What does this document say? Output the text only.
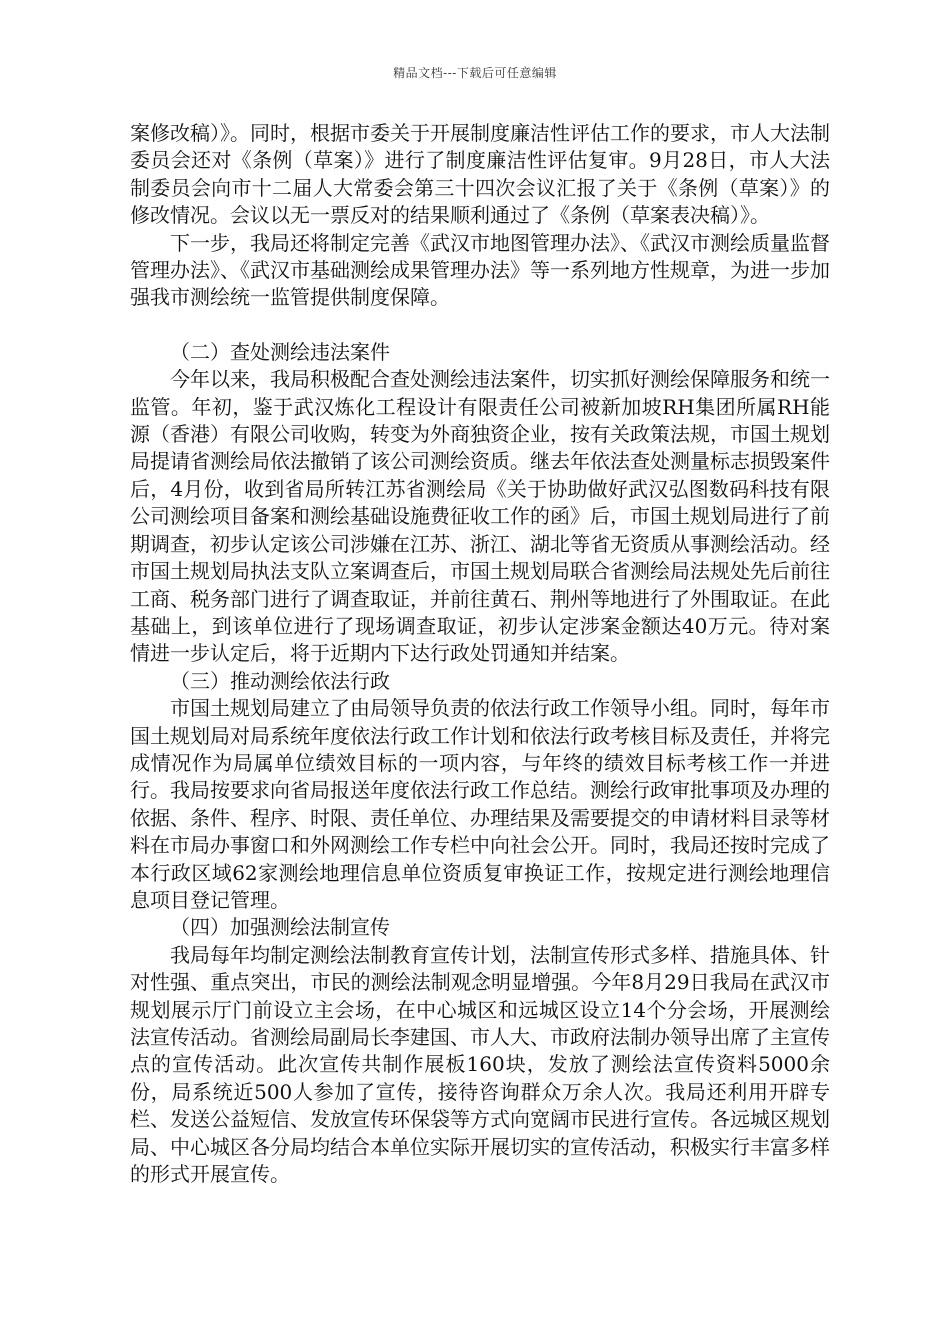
精品文档---下载后可任意编辑

案修改稿）》。同时，根据市委关于开展制度廉洁性评估工作的要求，市人大法制委员会还对《条例（草案）》进行了制度廉洁性评估复审。9月28日，市人大法制委员会向市十二届人大常委会第三十四次会议汇报了关于《条例（草案）》的修改情况。会议以无一票反对的结果顺利通过了《条例（草案表决稿）》。

下一步，我局还将制定完善《武汉市地图管理办法》、《武汉市测绘质量监督管理办法》、《武汉市基础测绘成果管理办法》等一系列地方性规章，为进一步加强我市测绘统一监管提供制度保障。

（二）查处测绘违法案件

今年以来，我局积极配合查处测绘违法案件，切实抓好测绘保障服务和统一监管。年初，鉴于武汉炼化工程设计有限责任公司被新加坡RH集团所属RH能源（香港）有限公司收购，转变为外商独资企业，按有关政策法规，市国土规划局提请省测绘局依法撤销了该公司测绘资质。继去年依法查处测量标志损毁案件后，4月份，收到省局所转江苏省测绘局《关于协助做好武汉弘图数码科技有限公司测绘项目备案和测绘基础设施费征收工作的函》后，市国土规划局进行了前期调查，初步认定该公司涉嫌在江苏、浙江、湖北等省无资质从事测绘活动。经市国土规划局执法支队立案调查后，市国土规划局联合省测绘局法规处先后前往工商、税务部门进行了调查取证，并前往黄石、荆州等地进行了外围取证。在此基础上，到该单位进行了现场调查取证，初步认定涉案金额达40万元。待对案情进一步认定后，将于近期内下达行政处罚通知并结案。

（三）推动测绘依法行政

市国土规划局建立了由局领导负责的依法行政工作领导小组。同时，每年市国土规划局对局系统年度依法行政工作计划和依法行政考核目标及责任，并将完成情况作为局属单位绩效目标的一项内容，与年终的绩效目标考核工作一并进行。我局按要求向省局报送年度依法行政工作总结。测绘行政审批事项及办理的依据、条件、程序、时限、责任单位、办理结果及需要提交的申请材料目录等材料在市局办事窗口和外网测绘工作专栏中向社会公开。同时，我局还按时完成了本行政区域62家测绘地理信息单位资质复审换证工作，按规定进行测绘地理信息项目登记管理。

（四）加强测绘法制宣传

我局每年均制定测绘法制教育宣传计划，法制宣传形式多样、措施具体、针对性强、重点突出，市民的测绘法制观念明显增强。今年8月29日我局在武汉市规划展示厅门前设立主会场，在中心城区和远城区设立14个分会场，开展测绘法宣传活动。省测绘局副局长李建国、市人大、市政府法制办领导出席了主宣传点的宣传活动。此次宣传共制作展板160块，发放了测绘法宣传资料5000余份，局系统近500人参加了宣传，接待咨询群众万余人次。我局还利用开辟专栏、发送公益短信、发放宣传环保袋等方式向宽阔市民进行宣传。各远城区规划局、中心城区各分局均结合本单位实际开展切实的宣传活动，积极实行丰富多样的形式开展宣传。
